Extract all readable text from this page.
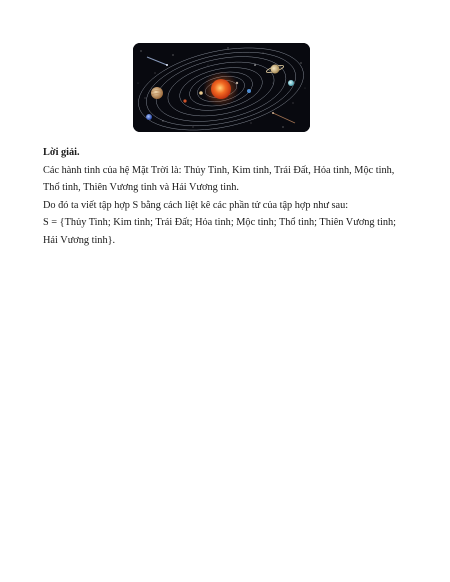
Lời giải.

Các hành tinh của hệ Mặt Trời là: Thủy Tinh, Kim tinh, Trái Đất, Hỏa tinh, Mộc tinh,

Thổ tinh, Thiên Vương tinh và Hải Vương tinh.

Do đó ta viết tập hợp S bằng cách liệt kê các phần tử của tập hợp như sau:

S = {Thủy Tinh; Kim tinh; Trái Đất; Hỏa tinh; Mộc tinh; Thổ tinh; Thiên Vương tinh;

Hải Vương tinh}.
